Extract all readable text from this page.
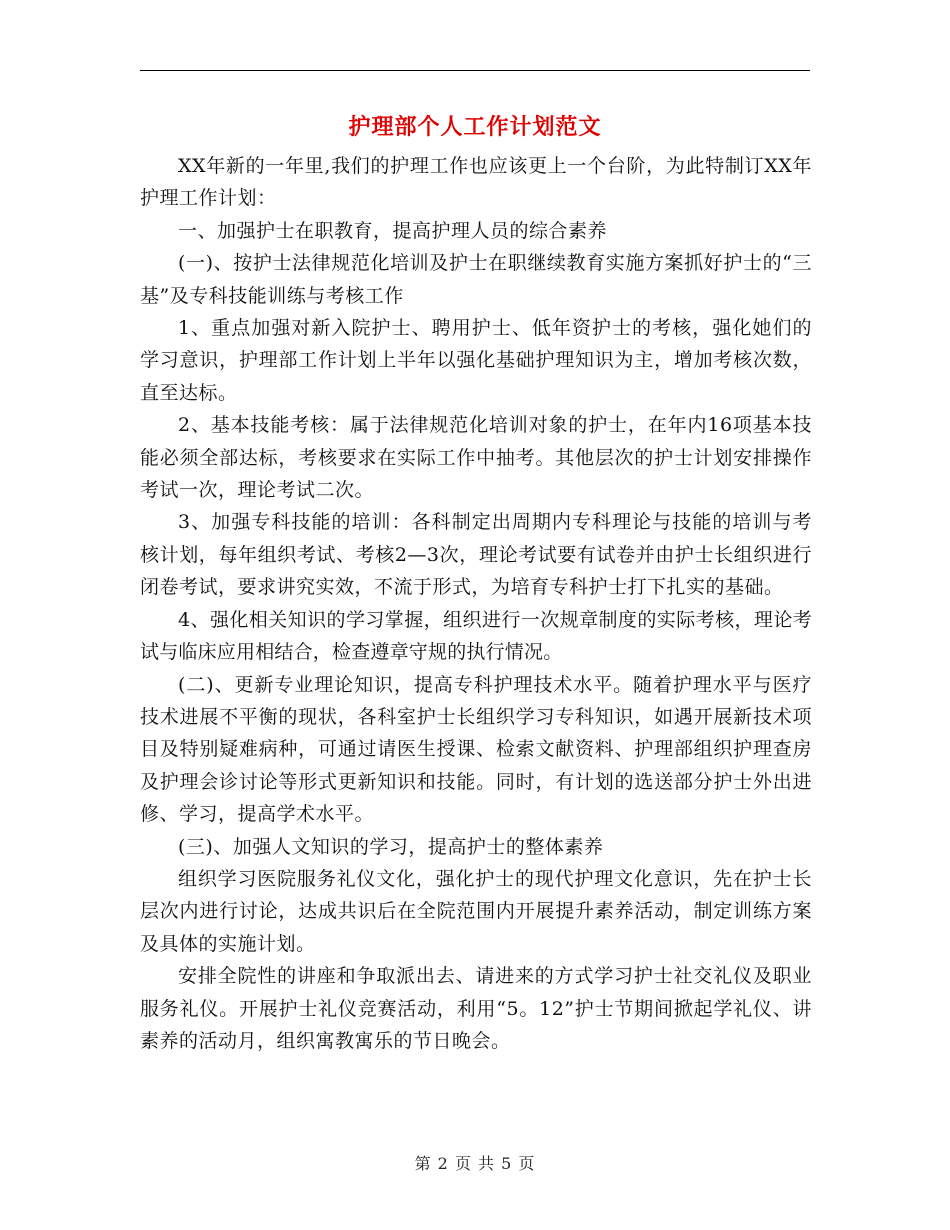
护理部个人工作计划范文

XX年新的一年里,我们的护理工作也应该更上一个台阶，为此特制订XX年护理工作计划：

一、加强护士在职教育，提高护理人员的综合素养

(一)、按护士法律规范化培训及护士在职继续教育实施方案抓好护士的“三基”及专科技能训练与考核工作

1、重点加强对新入院护士、聘用护士、低年资护士的考核，强化她们的学习意识，护理部工作计划上半年以强化基础护理知识为主，增加考核次数，直至达标。

2、基本技能考核：属于法律规范化培训对象的护士，在年内16项基本技能必须全部达标，考核要求在实际工作中抽考。其他层次的护士计划安排操作考试一次，理论考试二次。

3、加强专科技能的培训：各科制定出周期内专科理论与技能的培训与考核计划，每年组织考试、考核2—3次，理论考试要有试卷并由护士长组织进行闭卷考试，要求讲究实效，不流于形式，为培育专科护士打下扎实的基础。

4、强化相关知识的学习掌握，组织进行一次规章制度的实际考核，理论考试与临床应用相结合，检查遵章守规的执行情况。

(二)、更新专业理论知识，提高专科护理技术水平。随着护理水平与医疗技术进展不平衡的现状，各科室护士长组织学习专科知识，如遇开展新技术项目及特别疑难病种，可通过请医生授课、检索文献资料、护理部组织护理查房及护理会诊讨论等形式更新知识和技能。同时，有计划的选送部分护士外出进修、学习，提高学术水平。

(三)、加强人文知识的学习，提高护士的整体素养

组织学习医院服务礼仪文化，强化护士的现代护理文化意识，先在护士长层次内进行讨论，达成共识后在全院范围内开展提升素养活动，制定训练方案及具体的实施计划。

安排全院性的讲座和争取派出去、请进来的方式学习护士社交礼仪及职业服务礼仪。开展护士礼仪竞赛活动，利用“5。12”护士节期间掀起学礼仪、讲素养的活动月，组织寓教寓乐的节日晚会。

第 2 页 共 5 页
